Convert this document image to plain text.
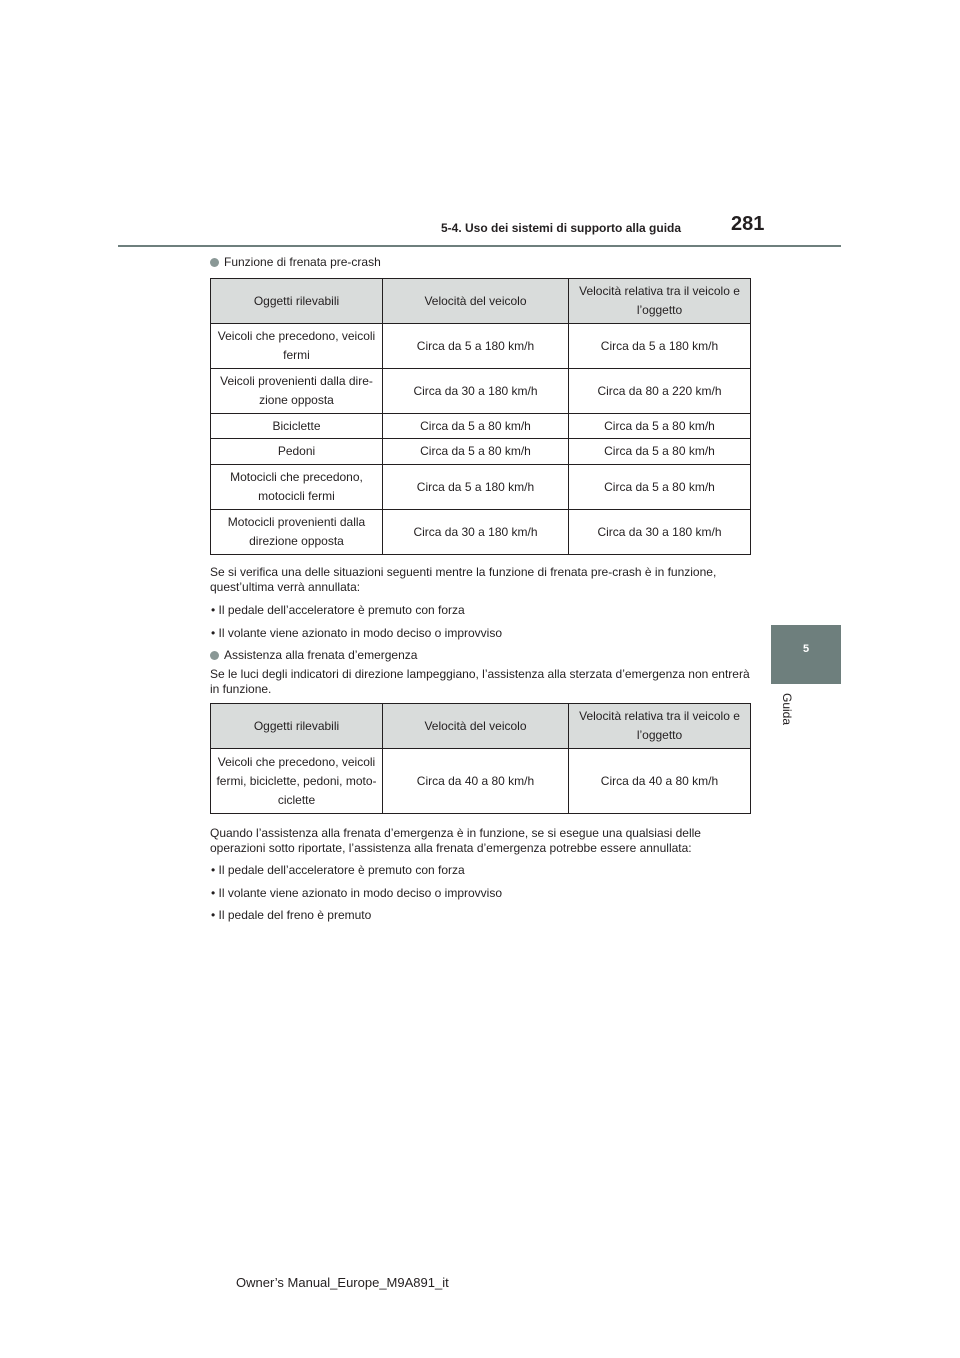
5-4. Uso dei sistemi di supporto alla guida 281
5
Guida
Funzione di frenata pre-crash
Oggetti rilevabili	Velocità del veicolo	Velocità relativa tra il veicolo e l’oggetto
Veicoli che precedono, veicoli fermi	Circa da 5 a 180 km/h	Circa da 5 a 180 km/h
Veicoli provenienti dalla dire-zione opposta	Circa da 30 a 180 km/h	Circa da 80 a 220 km/h
Biciclette	Circa da 5 a 80 km/h	Circa da 5 a 80 km/h
Pedoni	Circa da 5 a 80 km/h	Circa da 5 a 80 km/h
Motocicli che precedono, motocicli fermi	Circa da 5 a 180 km/h	Circa da 5 a 80 km/h
Motocicli provenienti dalla direzione opposta	Circa da 30 a 180 km/h	Circa da 30 a 180 km/h
Se si verifica una delle situazioni seguenti mentre la funzione di frenata pre-crash è in funzione, quest’ultima verrà annullata:
• Il pedale dell’acceleratore è premuto con forza
• Il volante viene azionato in modo deciso o improvviso
Assistenza alla frenata d’emergenza
Se le luci degli indicatori di direzione lampeggiano, l’assistenza alla sterzata d’emergenza non entrerà in funzione.
Oggetti rilevabili	Velocità del veicolo	Velocità relativa tra il veicolo e l’oggetto
Veicoli che precedono, veicoli fermi, biciclette, pedoni, moto-ciclette	Circa da 40 a 80 km/h	Circa da 40 a 80 km/h
Quando l’assistenza alla frenata d’emergenza è in funzione, se si esegue una qualsiasi delle operazioni sotto riportate, l’assistenza alla frenata d’emergenza potrebbe essere annullata:
• Il pedale dell’acceleratore è premuto con forza
• Il volante viene azionato in modo deciso o improvviso
• Il pedale del freno è premuto
Owner’s Manual_Europe_M9A891_it
